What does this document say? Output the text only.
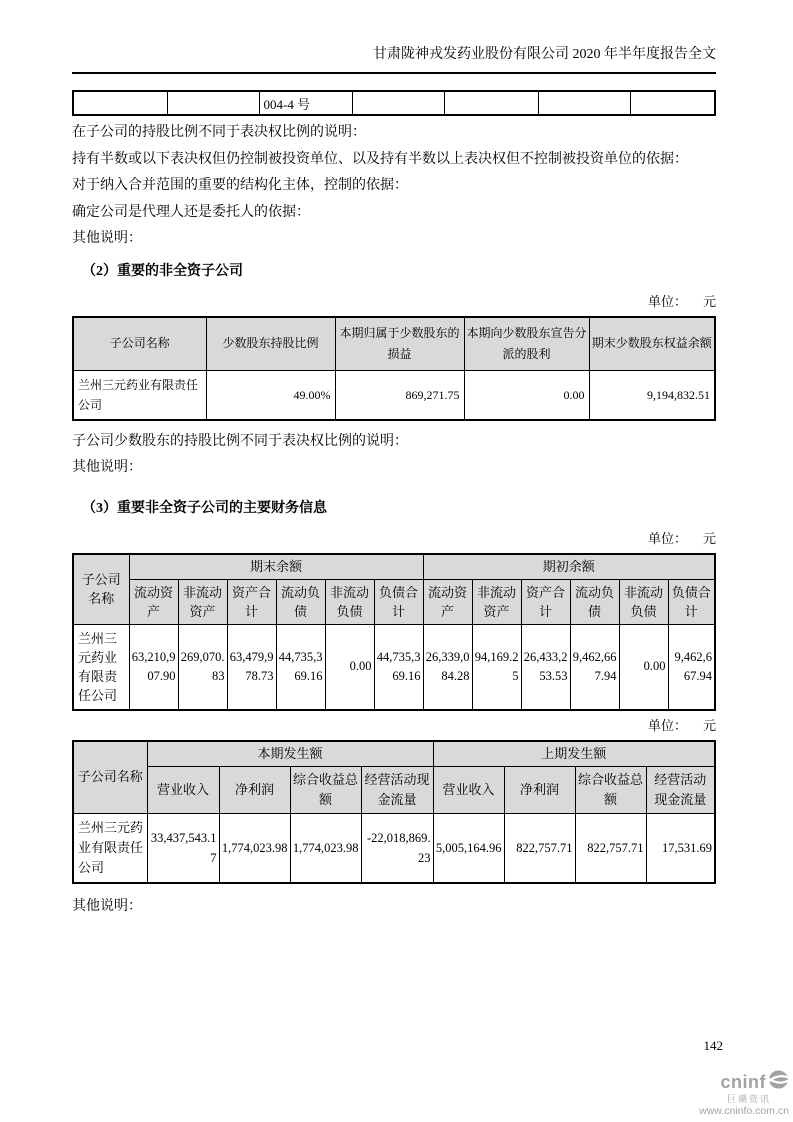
甘肃陇神戎发药业股份有限公司 2020 年半年度报告全文
		004-4 号				

在子公司的持股比例不同于表决权比例的说明：

持有半数或以下表决权但仍控制被投资单位、以及持有半数以上表决权但不控制被投资单位的依据：

对于纳入合并范围的重要的结构化主体，控制的依据：

确定公司是代理人还是委托人的依据：

其他说明：

（2）重要的非全资子公司
单位： 元
子公司名称	少数股东持股比例	本期归属于少数股东的损益	本期向少数股东宣告分派的股利	期末少数股东权益余额
兰州三元药业有限责任公司	49.00%	869,271.75	0.00	9,194,832.51

子公司少数股东的持股比例不同于表决权比例的说明：

其他说明：

（3）重要非全资子公司的主要财务信息
单位： 元
子公司名称	期末余额						期初余额					
	流动资产	非流动资产	资产合计	流动负债	非流动负债	负债合计	流动资产	非流动资产	资产合计	流动负债	非流动负债	负债合计
兰州三元药业有限责任公司	63,210,907.90	269,070.83	63,479,978.73	44,735,369.16	0.00	44,735,369.16	26,339,084.28	94,169.25	26,433,253.53	9,462,667.94	0.00	9,462,667.94
单位： 元
子公司名称	本期发生额				上期发生额			
	营业收入	净利润	综合收益总额	经营活动现金流量	营业收入	净利润	综合收益总额	经营活动现金流量
兰州三元药业有限责任公司	33,437,543.17	1,774,023.98	1,774,023.98	-22,018,869.23	5,005,164.96	822,757.71	822,757.71	17,531.69

其他说明：

142
cninf
巨潮资讯
www.cninfo.com.cn
